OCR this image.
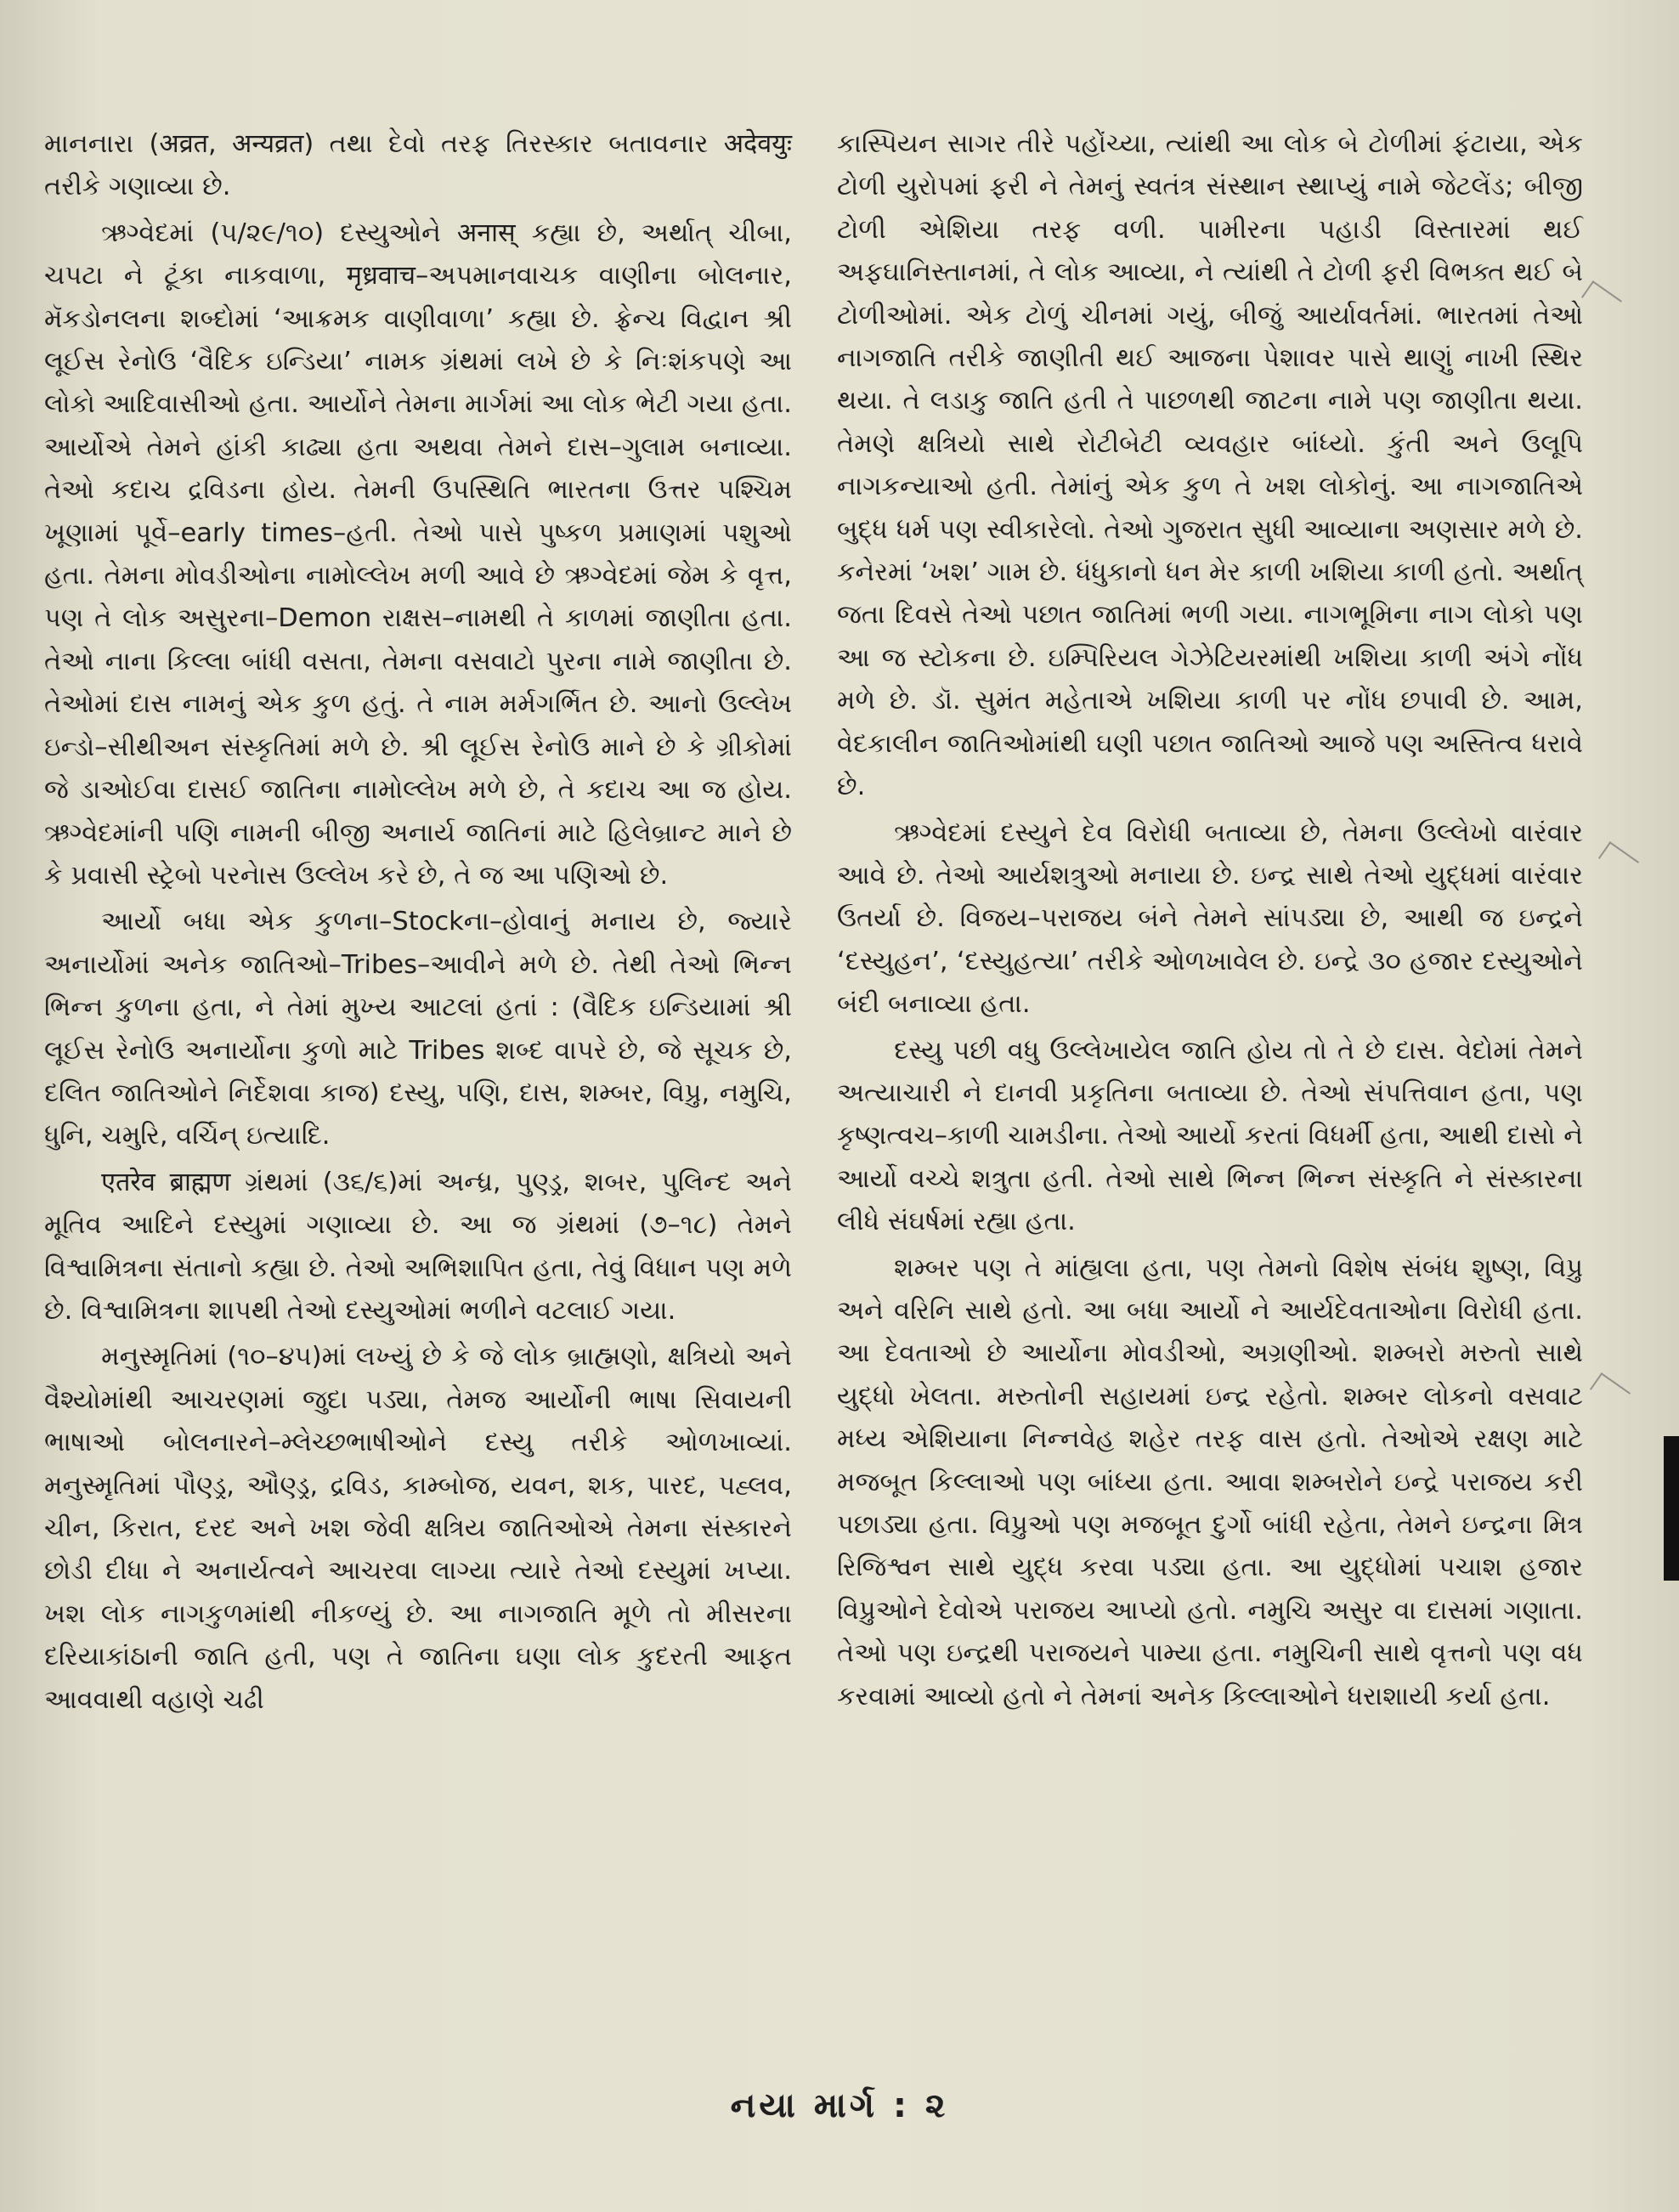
માનનારા (अव्रत, अन्यव्रत) તથા દેવો તરફ તિરસ્કાર બતાવનાર अदेवयुः તરીકે ગણાવ્યા છે.

ઋગ્વેદમાં (૫/૨૯/૧૦) દસ્યુઓને अनास् કહ્યા છે, અર્થાત્ ચીબા, ચપટા ને ટૂંકા નાકવાળા, मृध्रवाच–અપમાનવાચક વાણીના બોલનાર, મૅકડોનલના શબ્દોમાં ‘આક્રમક વાણીવાળા’ કહ્યા છે. ફ્રેન્ચ વિદ્વાન શ્રી લૂઈસ રેનોઉ ‘વૈદિક ઇન્ડિયા’ નામક ગ્રંથમાં લખે છે કે નિઃશંકપણે આ લોકો આદિવાસીઓ હતા. આર્યોને તેમના માર્ગમાં આ લોક ભેટી ગયા હતા. આર્યોએ તેમને હાંકી કાઢ્યા હતા અથવા તેમને દાસ–ગુલામ બનાવ્યા. તેઓ કદાચ દ્રવિડના હોય. તેમની ઉપસ્થિતિ ભારતના ઉત્તર પશ્ચિમ ખૂણામાં પૂર્વે–early times–હતી. તેઓ પાસે પુષ્કળ પ્રમાણમાં પશુઓ હતા. તેમના મોવડીઓના નામોલ્લેખ મળી આવે છે ઋગ્વેદમાં જેમ કે વૃત્ત, પણ તે લોક અસુરના–Demon રાક્ષસ–નામથી તે કાળમાં જાણીતા હતા. તેઓ નાના કિલ્લા બાંધી વસતા, તેમના વસવાટો પુરના નામે જાણીતા છે. તેઓમાં દાસ નામનું એક કુળ હતું. તે નામ મર્મગર્ભિત છે. આનો ઉલ્લેખ ઇન્ડો–સીથીઅન સંસ્કૃતિમાં મળે છે. શ્રી લૂઈસ રેનોઉ માને છે કે ગ્રીકોમાં જે ડાઓઈવા દાસઈ જાતિના નામોલ્લેખ મળે છે, તે કદાચ આ જ હોય. ઋગ્વેદમાંની પણિ નામની બીજી અનાર્ય જાતિનાં માટે હિલેબ્રાન્ટ માને છે કે પ્રવાસી સ્ટ્રેબો પરનેાસ ઉલ્લેખ કરે છે, તે જ આ પણિઓ છે.

આર્યો બધા એક કુળના–Stockના–હોવાનું મનાય છે, જ્યારે અનાર્યોમાં અનેક જાતિઓ–Tribes–આવીને મળે છે. તેથી તેઓ ભિન્ન ભિન્ન કુળના હતા, ને તેમાં મુખ્ય આટલાં હતાં : (વૈદિક ઇન્ડિયામાં શ્રી લૂઈસ રેનોઉ અનાર્યોના કુળો માટે Tribes શબ્દ વાપરે છે, જે સૂચક છે, દલિત જાતિઓને નિર્દેશવા કાજ) દસ્યુ, પણિ, દાસ, શમ્બર, વિપ્રુ, નમુચિ, ધુનિ, ચમુરિ, વર્ચિન્ ઇત્યાદિ.

एतरेव ब्राह्मण ગ્રંથમાં (૩૬/૬)માં અન્ધ્ર, પુણ્ડ્ર, શબર, પુલિન્દ અને મૂતિવ આદિને દસ્યુમાં ગણાવ્યા છે. આ જ ગ્રંથમાં (૭–૧૮) તેમને વિશ્વામિત્રના સંતાનો કહ્યા છે. તેઓ અભિશાપિત હતા, તેવું વિધાન પણ મળે છે. વિશ્વામિત્રના શાપથી તેઓ દસ્યુઓમાં ભળીને વટલાઈ ગયા.

મનુસ્મૃતિમાં (૧૦–૪૫)માં લખ્યું છે કે જે લોક બ્રાહ્મણો, ક્ષત્રિયો અને વૈશ્યોમાંથી આચરણમાં જુદા પડ્યા, તેમજ આર્યોની ભાષા સિવાયની ભાષાઓ બોલનારને–મ્લેચ્છભાષીઓને દસ્યુ તરીકે ઓળખાવ્યાં. મનુસ્મૃતિમાં પૌણ્ડ્ર, ઔણ્ડ્ર, દ્રવિડ, કામ્બોજ, યવન, શક, પારદ, પહ્લવ, ચીન, કિરાત, દરદ અને ખશ જેવી ક્ષત્રિય જાતિઓએ તેમના સંસ્કારને છોડી દીધા ને અનાર્યત્વને આચરવા લાગ્યા ત્યારે તેઓ દસ્યુમાં ખપ્યા. ખશ લોક નાગકુળમાંથી નીકળ્યું છે. આ નાગજાતિ મૂળે તો મીસરના દરિયાકાંઠાની જાતિ હતી, પણ તે જાતિના ઘણા લોક કુદરતી આફત આવવાથી વહાણે ચઢી

કાસ્પિયન સાગર તીરે પહોંચ્યા, ત્યાંથી આ લોક બે ટોળીમાં ફંટાયા, એક ટોળી યુરોપમાં ફરી ને તેમનું સ્વતંત્ર સંસ્થાન સ્થાપ્યું નામે જેટલેંડ; બીજી ટોળી એશિયા તરફ વળી. પામીરના પહાડી વિસ્તારમાં થઈ અફઘાનિસ્તાનમાં, તે લોક આવ્યા, ને ત્યાંથી તે ટોળી ફરી વિભક્ત થઈ બે ટોળીઓમાં. એક ટોળું ચીનમાં ગયું, બીજું આર્યાવર્તમાં. ભારતમાં તેઓ નાગજાતિ તરીકે જાણીતી થઈ આજના પેશાવર પાસે થાણું નાખી સ્થિર થયા. તે લડાકુ જાતિ હતી તે પાછળથી જાટના નામે પણ જાણીતા થયા. તેમણે ક્ષત્રિયો સાથે રોટીબેટી વ્યવહાર બાંધ્યો. કુંતી અને ઉલૂપિ નાગકન્યાઓ હતી. તેમાંનું એક કુળ તે ખશ લોકોનું. આ નાગજાતિએ બુદ્ધ ધર્મ પણ સ્વીકારેલો. તેઓ ગુજરાત સુધી આવ્યાના અણસાર મળે છે. કનેરમાં ‘ખશ’ ગામ છે. ધંધુકાનો ધન મેર કાળી ખશિયા કાળી હતો. અર્થાત્ જતા દિવસે તેઓ પછાત જાતિમાં ભળી ગયા. નાગભૂમિના નાગ લોકો પણ આ જ સ્ટોકના છે. ઇમ્પિરિયલ ગેઝેટિયરમાંથી ખશિયા કાળી અંગે નોંધ મળે છે. ડૉ. સુમંત મહેતાએ ખશિયા કાળી પર નોંધ છપાવી છે. આમ, વેદકાલીન જાતિઓમાંથી ઘણી પછાત જાતિઓ આજે પણ અસ્તિત્વ ધરાવે છે.

ઋગ્વેદમાં દસ્યુને દેવ વિરોધી બતાવ્યા છે, તેમના ઉલ્લેખો વારંવાર આવે છે. તેઓ આર્યશત્રુઓ મનાયા છે. ઇન્દ્ર સાથે તેઓ યુદ્ધમાં વારંવાર ઉતર્યા છે. વિજય–પરાજય બંને તેમને સાંપડ્યા છે, આથી જ ઇન્દ્રને ‘દસ્યુહન’, ‘દસ્યુહત્યા’ તરીકે ઓળખાવેલ છે. ઇન્દ્રે ૩૦ હજાર દસ્યુઓને બંદી બનાવ્યા હતા.

દસ્યુ પછી વધુ ઉલ્લેખાયેલ જાતિ હોય તો તે છે દાસ. વેદોમાં તેમને અત્યાચારી ને દાનવી પ્રકૃતિના બતાવ્યા છે. તેઓ સંપત્તિવાન હતા, પણ કૃષ્ણત્વચ–કાળી ચામડીના. તેઓ આર્યો કરતાં વિધર્મી હતા, આથી દાસો ને આર્યો વચ્ચે શત્રુતા હતી. તેઓ સાથે ભિન્ન ભિન્ન સંસ્કૃતિ ને સંસ્કારના લીધે સંઘર્ષમાં રહ્યા હતા.

શમ્બર પણ તે માંહ્યલા હતા, પણ તેમનો વિશેષ સંબંધ શુષ્ણ, વિપ્રુ અને વરિનિ સાથે હતો. આ બધા આર્યો ને આર્યદેવતાઓના વિરોધી હતા. આ દેવતાઓ છે આર્યોના મોવડીઓ, અગ્રણીઓ. શમ્બરો મરુતો સાથે યુદ્ધો ખેલતા. મરુતોની સહાયમાં ઇન્દ્ર રહેતો. શમ્બર લોકનો વસવાટ મધ્ય એશિયાના નિન્નવેહ શહેર તરફ વાસ હતો. તેઓએ રક્ષણ માટે મજબૂત કિલ્લાઓ પણ બાંધ્યા હતા. આવા શમ્બરોને ઇન્દ્રે પરાજય કરી પછાડ્યા હતા. વિપ્રુઓ પણ મજબૂત દુર્ગો બાંધી રહેતા, તેમને ઇન્દ્રના મિત્ર રિજિશ્વન સાથે યુદ્ધ કરવા પડ્યા હતા. આ યુદ્ધોમાં પચાશ હજાર વિપ્રુઓને દેવોએ પરાજય આપ્યો હતો. નમુચિ અસુર વા દાસમાં ગણાતા. તેઓ પણ ઇન્દ્રથી પરાજયને પામ્યા હતા. નમુચિની સાથે વૃત્તનો પણ વધ કરવામાં આવ્યો હતો ને તેમનાં અનેક કિલ્લાઓને ધરાશાયી કર્યા હતા.

નયા માર્ગ : ૨
